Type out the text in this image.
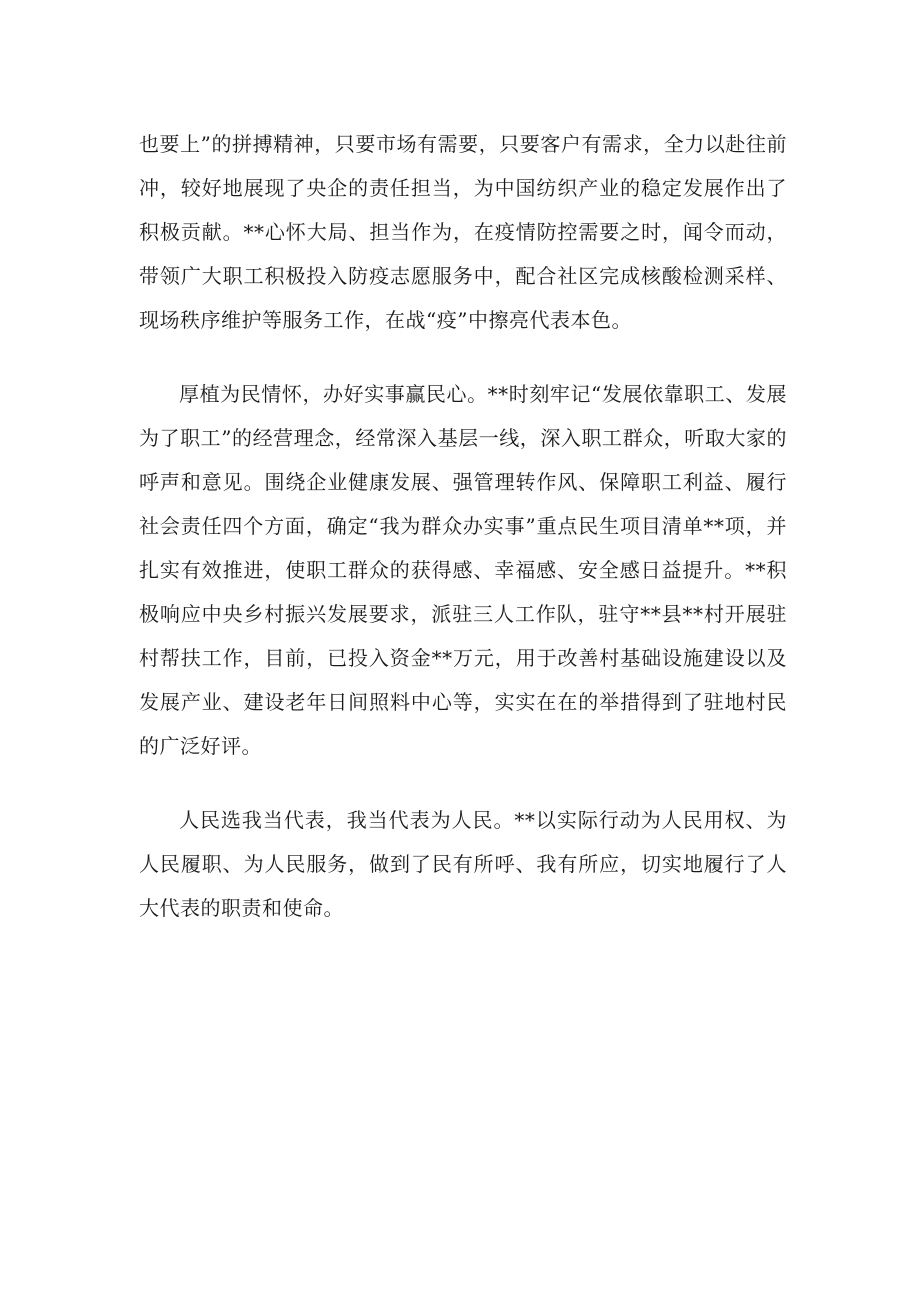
也要上”的拼搏精神，只要市场有需要，只要客户有需求，全力以赴往前冲，较好地展现了央企的责任担当，为中国纺织产业的稳定发展作出了积极贡献。**心怀大局、担当作为，在疫情防控需要之时，闻令而动，带领广大职工积极投入防疫志愿服务中，配合社区完成核酸检测采样、现场秩序维护等服务工作，在战“疫”中擦亮代表本色。

厚植为民情怀，办好实事赢民心。**时刻牢记“发展依靠职工、发展为了职工”的经营理念，经常深入基层一线，深入职工群众，听取大家的呼声和意见。围绕企业健康发展、强管理转作风、保障职工利益、履行社会责任四个方面，确定“我为群众办实事”重点民生项目清单**项，并扎实有效推进，使职工群众的获得感、幸福感、安全感日益提升。**积极响应中央乡村振兴发展要求，派驻三人工作队，驻守**县**村开展驻村帮扶工作，目前，已投入资金**万元，用于改善村基础设施建设以及发展产业、建设老年日间照料中心等，实实在在的举措得到了驻地村民的广泛好评。

人民选我当代表，我当代表为人民。**以实际行动为人民用权、为人民履职、为人民服务，做到了民有所呼、我有所应，切实地履行了人大代表的职责和使命。
